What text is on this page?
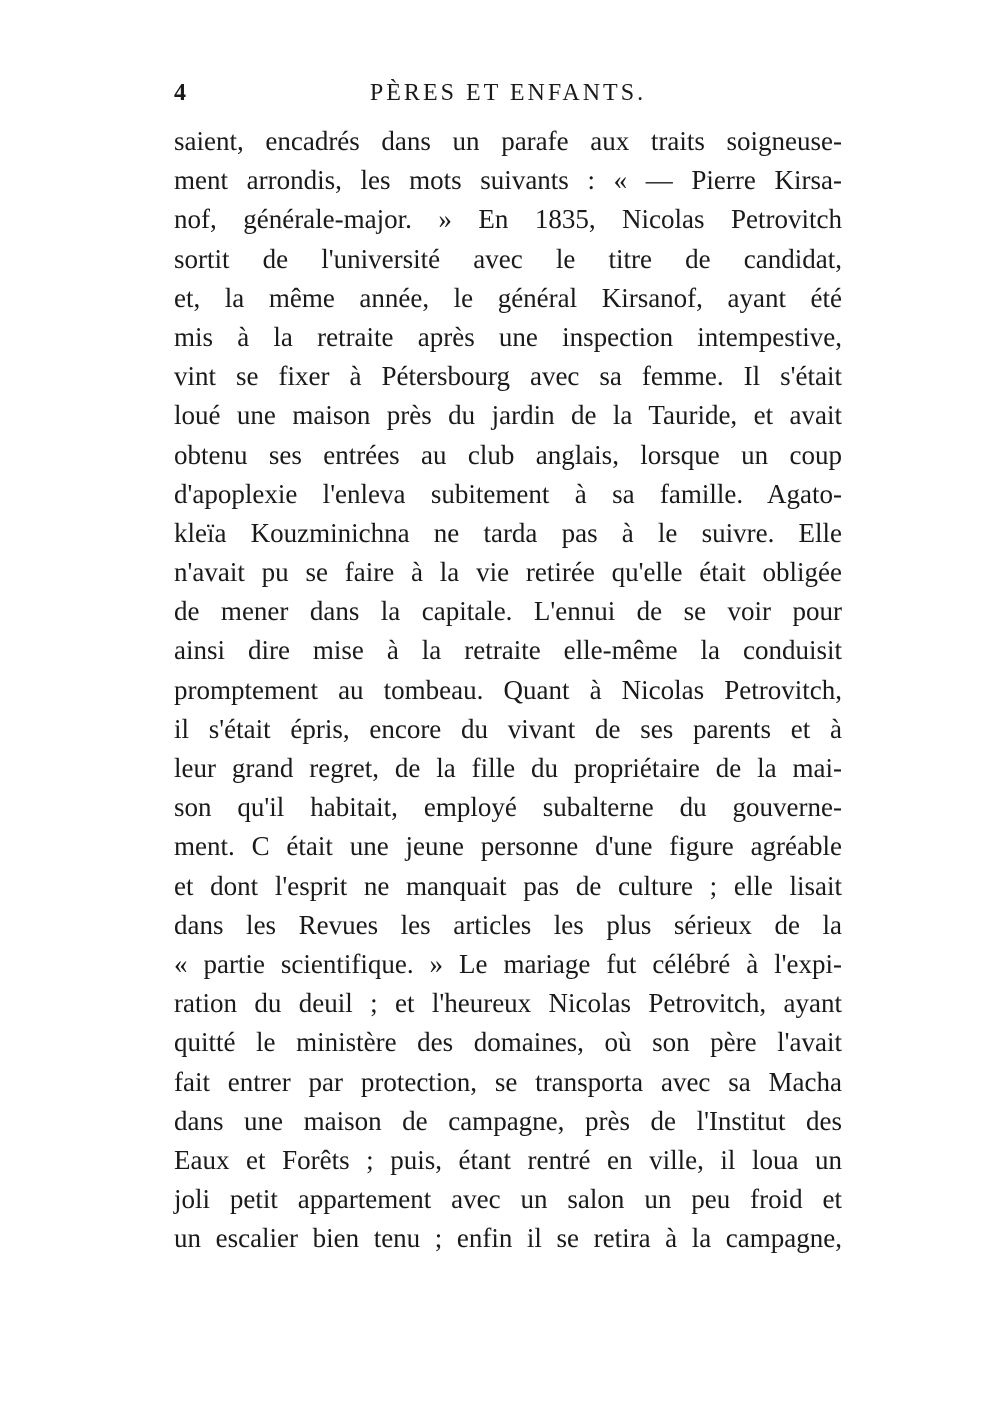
4	PÈRES ET ENFANTS.
saient, encadrés dans un parafe aux traits soigneuse-
ment arrondis, les mots suivants : « — Pierre Kirsa-
nof, générale-major. » En 1835, Nicolas Petrovitch
sortit de l'université avec le titre de candidat,
et, la même année, le général Kirsanof, ayant été
mis à la retraite après une inspection intempestive,
vint se fixer à Pétersbourg avec sa femme. Il s'était
loué une maison près du jardin de la Tauride, et avait
obtenu ses entrées au club anglais, lorsque un coup
d'apoplexie l'enleva subitement à sa famille. Agato-
kleïa Kouzminichna ne tarda pas à le suivre. Elle
n'avait pu se faire à la vie retirée qu'elle était obligée
de mener dans la capitale. L'ennui de se voir pour
ainsi dire mise à la retraite elle-même la conduisit
promptement au tombeau. Quant à Nicolas Petrovitch,
il s'était épris, encore du vivant de ses parents et à
leur grand regret, de la fille du propriétaire de la mai-
son qu'il habitait, employé subalterne du gouverne-
ment. C était une jeune personne d'une figure agréable
et dont l'esprit ne manquait pas de culture ; elle lisait
dans les Revues les articles les plus sérieux de la
« partie scientifique. » Le mariage fut célébré à l'expi-
ration du deuil ; et l'heureux Nicolas Petrovitch, ayant
quitté le ministère des domaines, où son père l'avait
fait entrer par protection, se transporta avec sa Macha
dans une maison de campagne, près de l'Institut des
Eaux et Forêts ; puis, étant rentré en ville, il loua un
joli petit appartement avec un salon un peu froid et
un escalier bien tenu ; enfin il se retira à la campagne,
